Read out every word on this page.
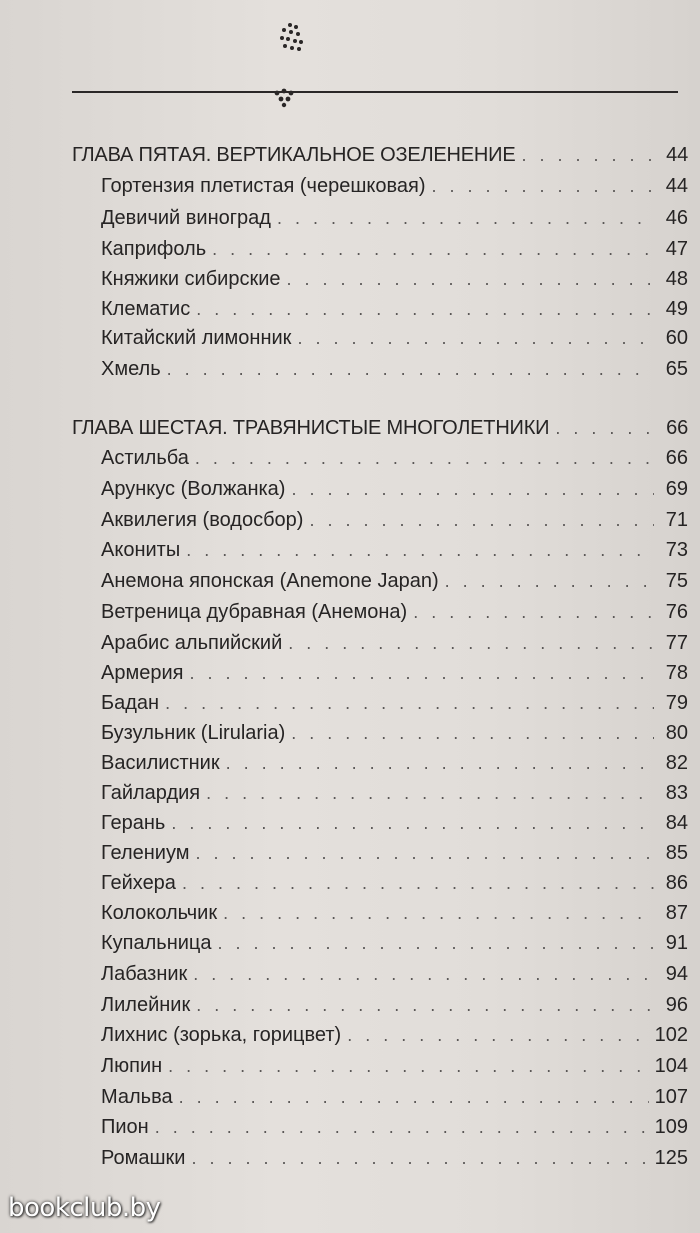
ГЛАВА ПЯТАЯ. ВЕРТИКАЛЬНОЕ ОЗЕЛЕНЕНИЕ . . .	44
Гортензия плетистая (черешковая) . . .	44
Девичий виноград . . .	46
Каприфоль . . .	47
Княжики сибирские . . .	48
Клематис . . .	49
Китайский лимонник . . .	60
Хмель . . .	65
ГЛАВА ШЕСТАЯ. ТРАВЯНИСТЫЕ МНОГОЛЕТНИКИ . . .	66
Астильба . . .	66
Арункус (Волжанка) . . .	69
Аквилегия (водосбор) . . .	71
Акониты . . .	73
Анемона японская (Anemone Japan) . . .	75
Ветреница дубравная (Анемона) . . .	76
Арабис альпийский . . .	77
Армерия . . .	78
Бадан . . .	79
Бузульник (Lirularia) . . .	80
Василистник . . .	82
Гайлардия . . .	83
Герань . . .	84
Гелениум . . .	85
Гейхера . . .	86
Колокольчик . . .	87
Купальница . . .	91
Лабазник . . .	94
Лилейник . . .	96
Лихнис (зорька, горицвет) . . .	102
Люпин . . .	104
Мальва . . .	107
Пион . . .	109
Ромашки . . .	125
bookclub.by
